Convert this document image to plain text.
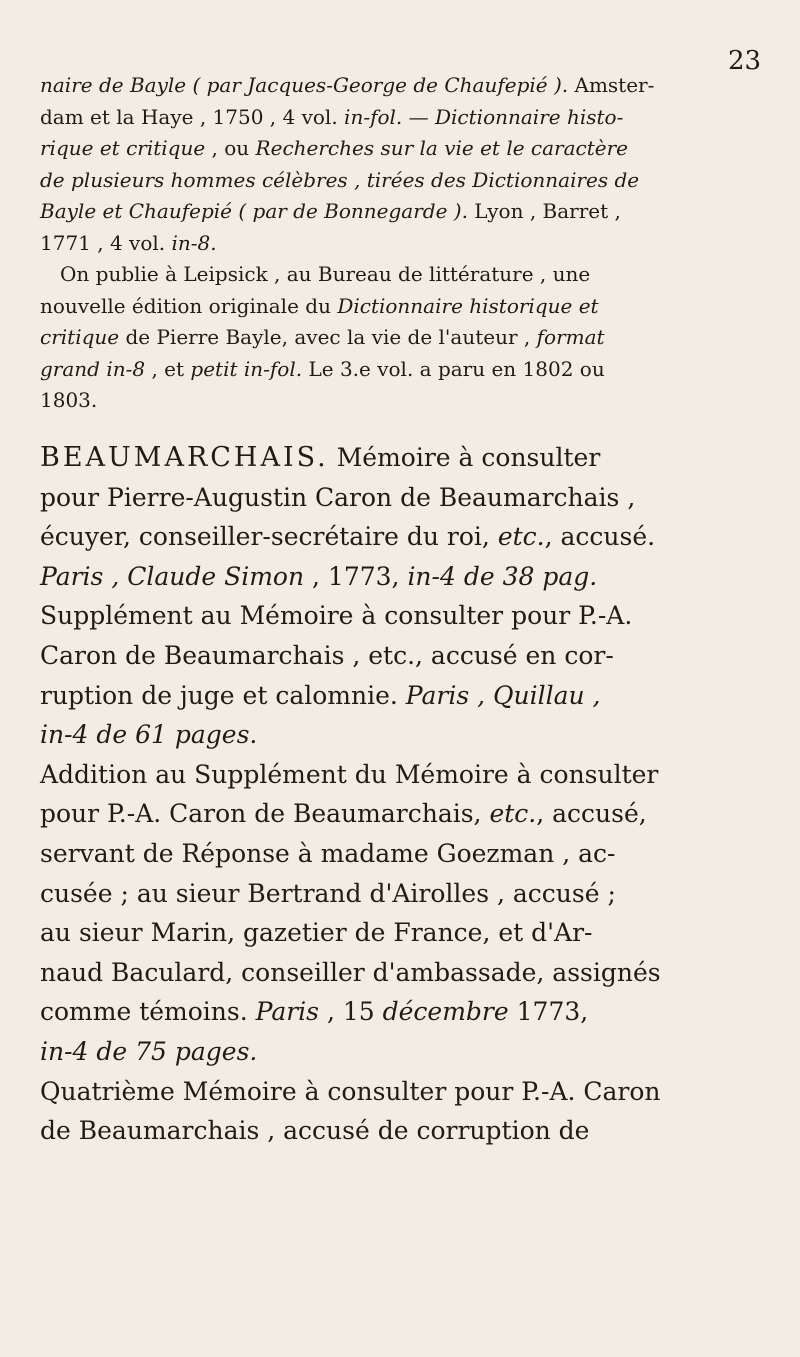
23
naire de Bayle ( par Jacques-George de Chaufepié ). Amster-
dam et la Haye , 1750 , 4 vol. in-fol. — Dictionnaire histo-
rique et critique , ou Recherches sur la vie et le caractère
de plusieurs hommes célèbres , tirées des Dictionnaires de
Bayle et Chaufepié ( par de Bonnegarde ). Lyon , Barret ,
1771 , 4 vol. in-8.
On publie à Leipsick , au Bureau de littérature , une
nouvelle édition originale du Dictionnaire historique et
critique de Pierre Bayle, avec la vie de l'auteur , format
grand in-8 , et petit in-fol. Le 3.e vol. a paru en 1802 ou
1803.
BEAUMARCHAIS. Mémoire à consulter
pour Pierre-Augustin Caron de Beaumarchais ,
écuyer, conseiller-secrétaire du roi, etc., accusé.
Paris , Claude Simon , 1773, in-4 de 38 pag.
Supplément au Mémoire à consulter pour P.-A.
Caron de Beaumarchais , etc., accusé en cor-
ruption de juge et calomnie. Paris , Quillau ,
in-4 de 61 pages.
Addition au Supplément du Mémoire à consulter
pour P.-A. Caron de Beaumarchais, etc., accusé,
servant de Réponse à madame Goezman , ac-
cusée ; au sieur Bertrand d'Airolles , accusé ;
au sieur Marin, gazetier de France, et d'Ar-
naud Baculard, conseiller d'ambassade, assignés
comme témoins. Paris , 15 décembre 1773,
in-4 de 75 pages.
Quatrième Mémoire à consulter pour P.-A. Caron
de Beaumarchais , accusé de corruption de
